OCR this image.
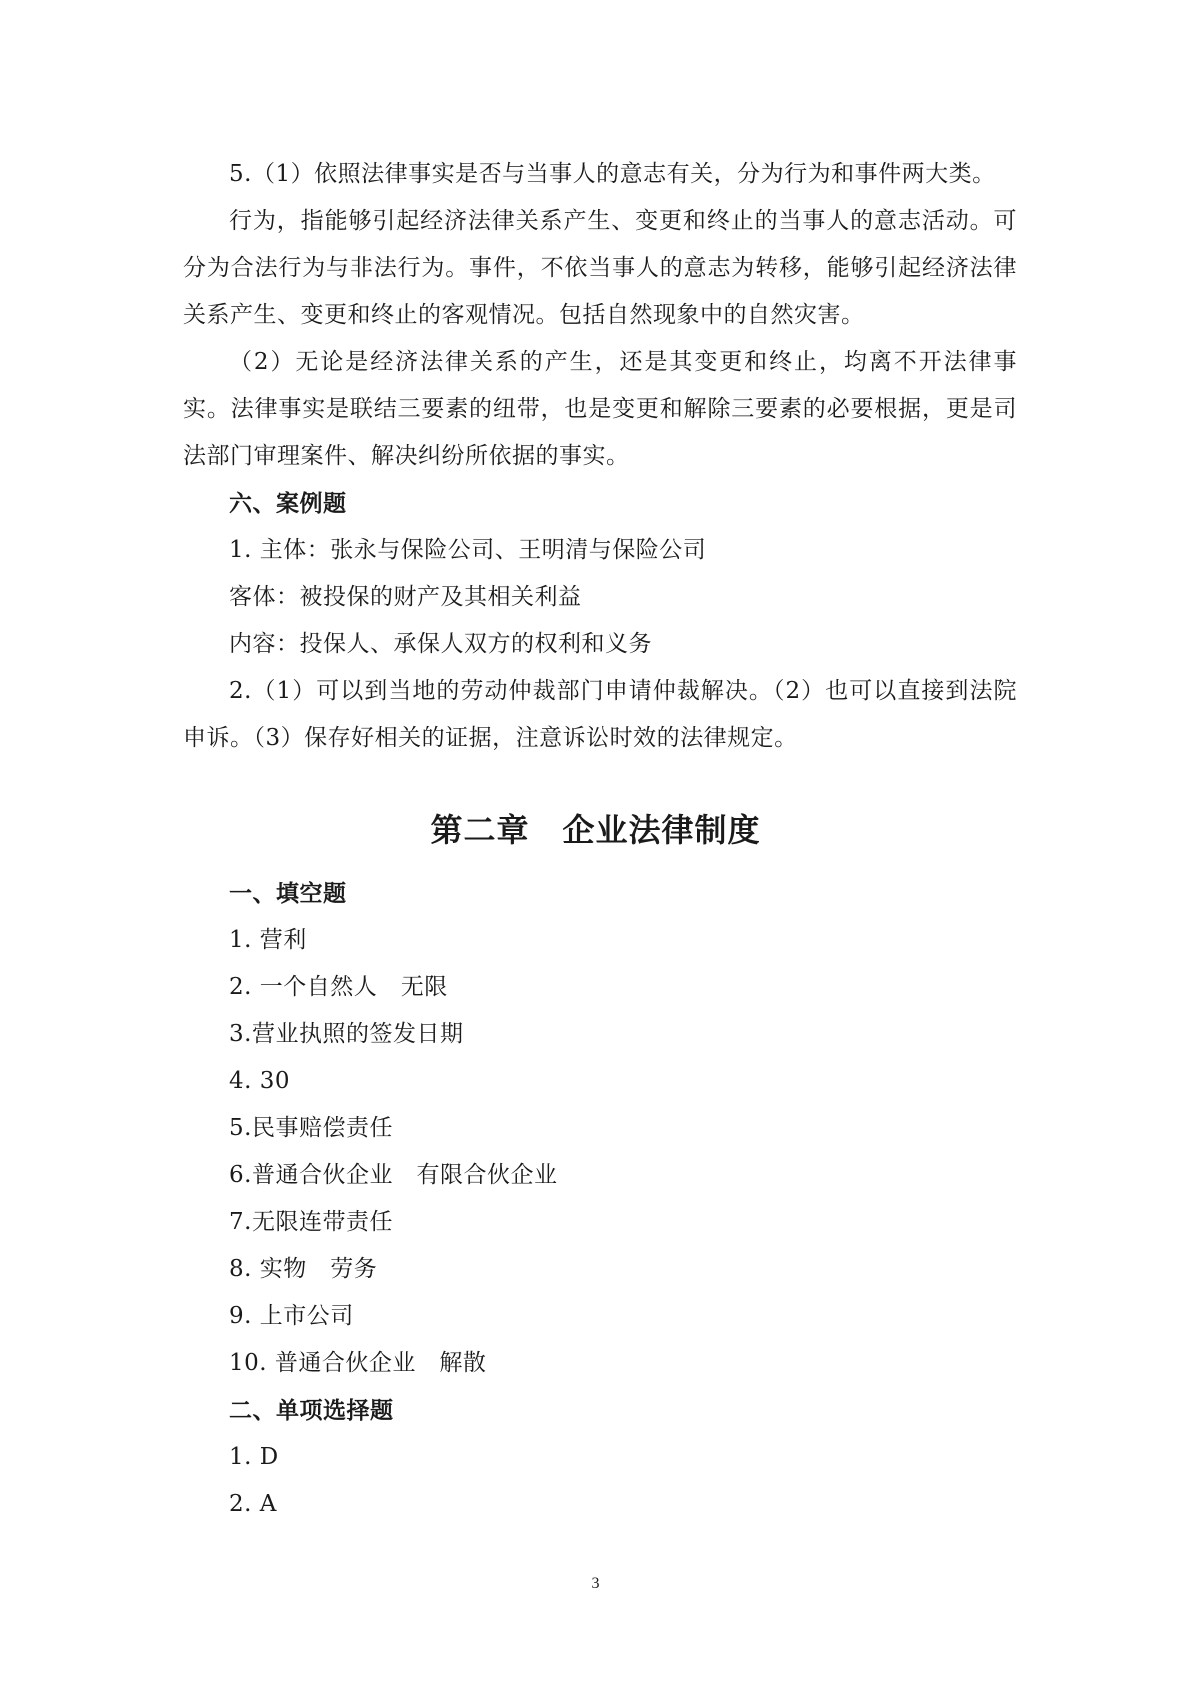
5.（1）依照法律事实是否与当事人的意志有关，分为行为和事件两大类。

行为，指能够引起经济法律关系产生、变更和终止的当事人的意志活动。可分为合法行为与非法行为。事件，不依当事人的意志为转移，能够引起经济法律关系产生、变更和终止的客观情况。包括自然现象中的自然灾害。

（2）无论是经济法律关系的产生，还是其变更和终止，均离不开法律事实。法律事实是联结三要素的纽带，也是变更和解除三要素的必要根据，更是司法部门审理案件、解决纠纷所依据的事实。

六、案例题

1. 主体：张永与保险公司、王明清与保险公司

客体：被投保的财产及其相关利益

内容：投保人、承保人双方的权利和义务

2.（1）可以到当地的劳动仲裁部门申请仲裁解决。（2）也可以直接到法院申诉。（3）保存好相关的证据，注意诉讼时效的法律规定。

第二章　企业法律制度

一、填空题

1. 营利

2. 一个自然人　无限

3.营业执照的签发日期

4. 30

5.民事赔偿责任

6.普通合伙企业　有限合伙企业

7.无限连带责任

8. 实物　劳务

9. 上市公司

10. 普通合伙企业　解散

二、单项选择题

1. D

2. A

3
